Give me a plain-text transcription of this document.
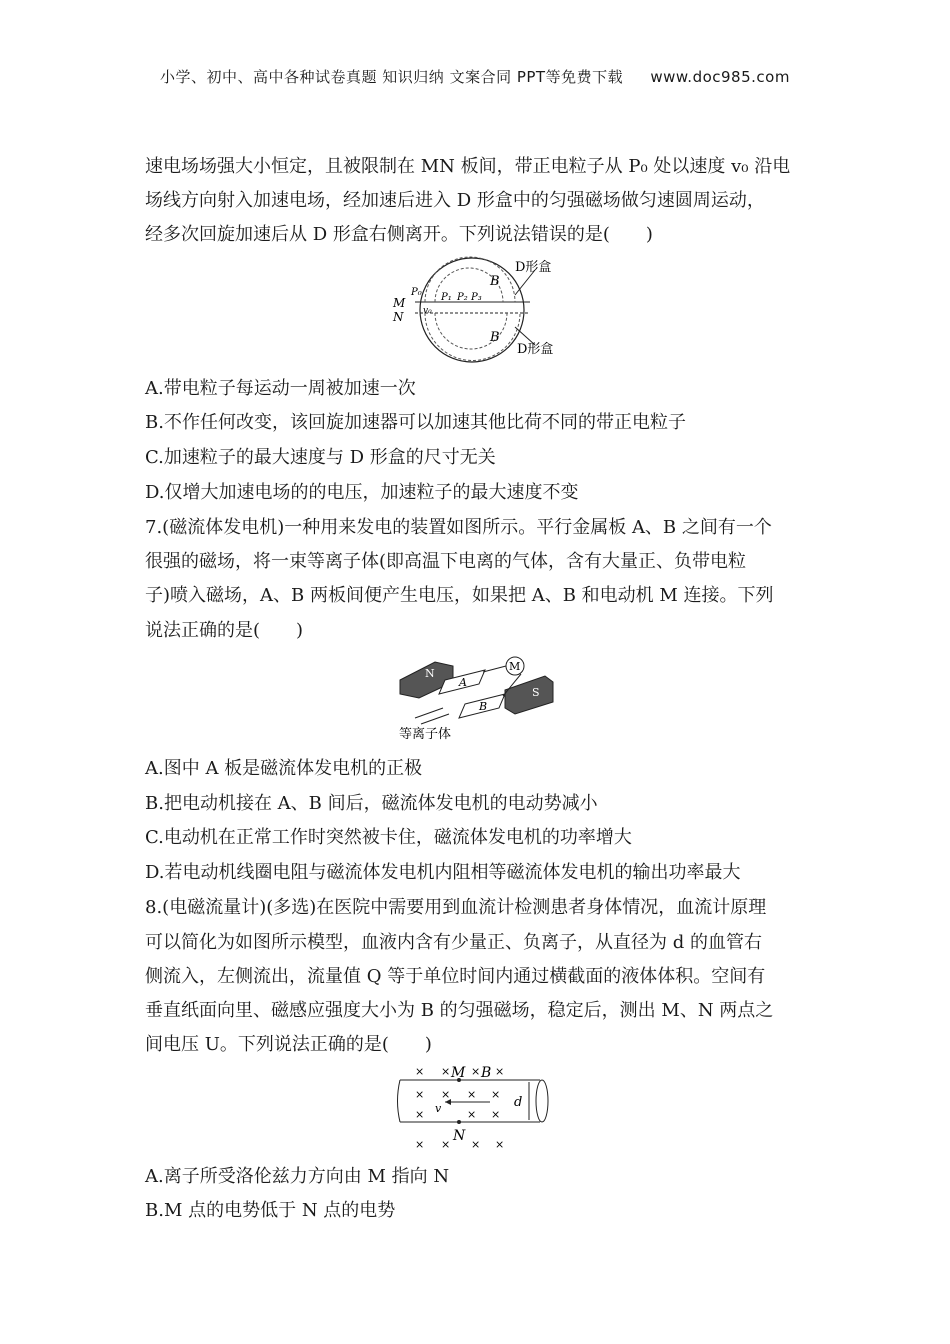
小学、初中、高中各种试卷真题 知识归纳 文案合同 PPT等免费下载 www.doc985.com
速电场场强大小恒定，且被限制在 MN 板间，带正电粒子从 P₀ 处以速度 v₀ 沿电
场线方向射入加速电场，经加速后进入 D 形盒中的匀强磁场做匀速圆周运动，
经多次回旋加速后从 D 形盒右侧离开。下列说法错误的是(　　)
D形盒
D形盒
B
B
M
N
P₀ P₁ P₂ P₃
v₀
A.带电粒子每运动一周被加速一次
B.不作任何改变，该回旋加速器可以加速其他比荷不同的带正电粒子
C.加速粒子的最大速度与 D 形盒的尺寸无关
D.仅增大加速电场的的电压，加速粒子的最大速度不变
7.(磁流体发电机)一种用来发电的装置如图所示。平行金属板 A、B 之间有一个
很强的磁场，将一束等离子体(即高温下电离的气体，含有大量正、负带电粒
子)喷入磁场，A、B 两板间便产生电压，如果把 A、B 和电动机 M 连接。下列
说法正确的是(　　)
N
S
A
B
M
等离子体
A.图中 A 板是磁流体发电机的正极
B.把电动机接在 A、B 间后，磁流体发电机的电动势减小
C.电动机在正常工作时突然被卡住，磁流体发电机的功率增大
D.若电动机线圈电阻与磁流体发电机内阻相等磁流体发电机的输出功率最大
8.(电磁流量计)(多选)在医院中需要用到血流计检测患者身体情况，血流计原理
可以简化为如图所示模型，血液内含有少量正、负离子，从直径为 d 的血管右
侧流入，左侧流出，流量值 Q 等于单位时间内通过横截面的液体体积。空间有
垂直纸面向里、磁感应强度大小为 B 的匀强磁场，稳定后，测出 M、N 两点之
间电压 U。下列说法正确的是(　　)
d
M
N
B
v
× × × ×
× × × ×
×	× ×
× × × ×
A.离子所受洛伦兹力方向由 M 指向 N
B.M 点的电势低于 N 点的电势
